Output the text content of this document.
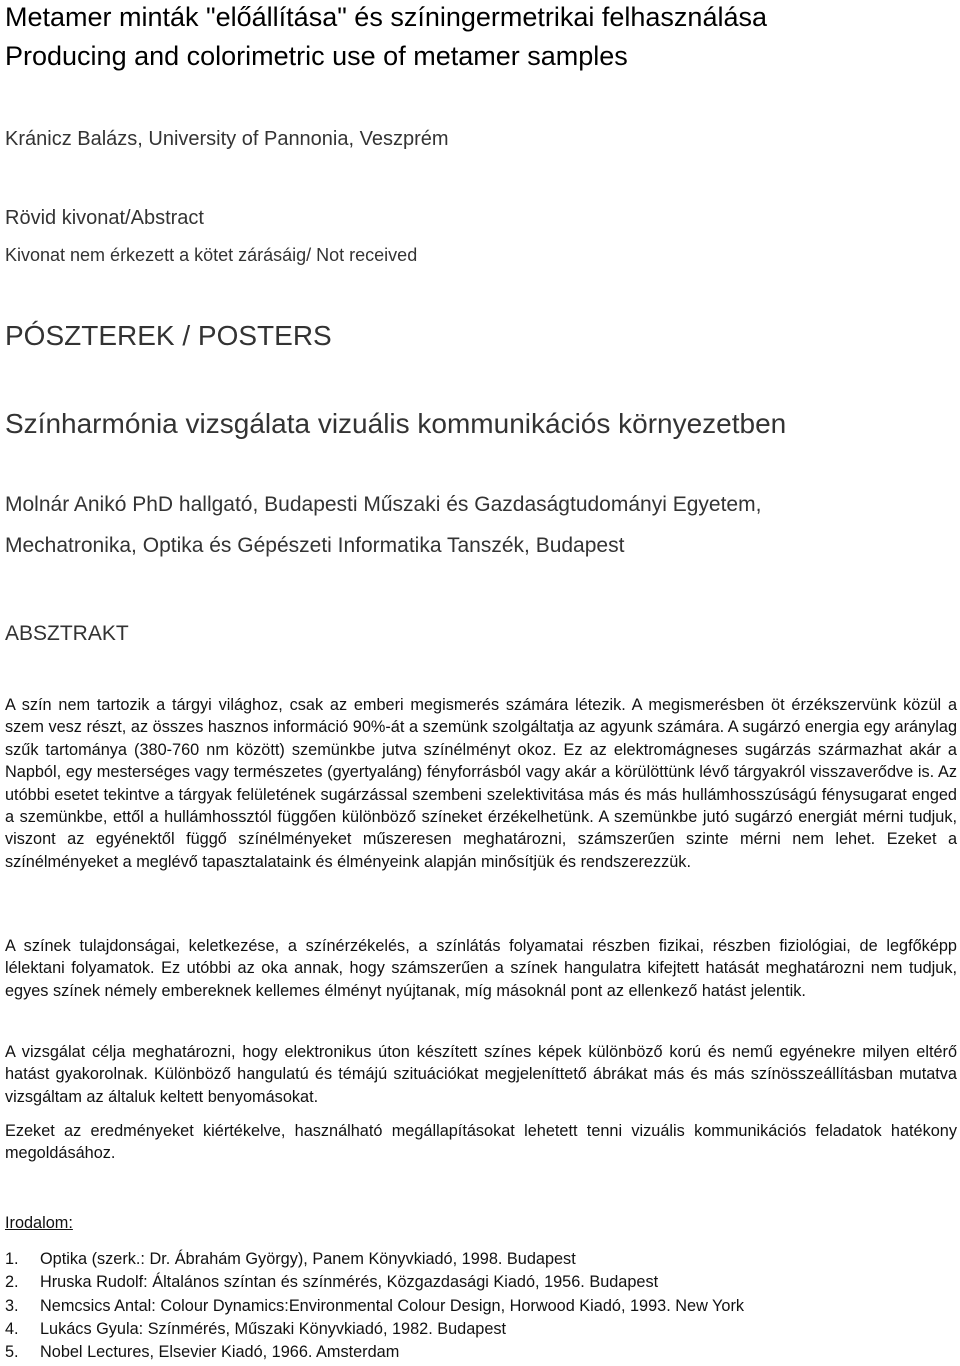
Metamer minták "előállítása" és színingermetrikai felhasználása
Producing and colorimetric use of metamer samples
Kránicz Balázs, University of Pannonia, Veszprém
Rövid kivonat/Abstract
Kivonat nem érkezett a kötet zárásáig/ Not received
PÓSZTEREK / POSTERS
Színharmónia vizsgálata vizuális kommunikációs környezetben
Molnár Anikó PhD hallgató, Budapesti Műszaki és Gazdaságtudományi Egyetem,
Mechatronika, Optika és Gépészeti Informatika Tanszék, Budapest
ABSZTRAKT

A szín nem tartozik a tárgyi világhoz, csak az emberi megismerés számára létezik. A megismerésben öt érzékszervünk közül a szem vesz részt, az összes hasznos információ 90%-át a szemünk szolgáltatja az agyunk számára. A sugárzó energia egy aránylag szűk tartománya (380-760 nm között) szemünkbe jutva színélményt okoz. Ez az elektromágneses sugárzás származhat akár a Napból, egy mesterséges vagy természetes (gyertyaláng) fényforrásból vagy akár a körülöttünk lévő tárgyakról visszaverődve is. Az utóbbi esetet tekintve a tárgyak felületének sugárzással szembeni szelektivitása más és más hullámhosszúságú fénysugarat enged a szemünkbe, ettől a hullámhossztól függően különböző színeket érzékelhetünk. A szemünkbe jutó sugárzó energiát mérni tudjuk, viszont az egyénektől függő színélményeket műszeresen meghatározni, számszerűen szinte mérni nem lehet. Ezeket a színélményeket a meglévő tapasztalataink és élményeink alapján minősítjük és rendszerezzük.

A színek tulajdonságai, keletkezése, a színérzékelés, a színlátás folyamatai részben fizikai, részben fiziológiai, de legfőképp lélektani folyamatok. Ez utóbbi az oka annak, hogy számszerűen a színek hangulatra kifejtett hatását meghatározni nem tudjuk, egyes színek némely embereknek kellemes élményt nyújtanak, míg másoknál pont az ellenkező hatást jelentik.

A vizsgálat célja meghatározni, hogy elektronikus úton készített színes képek különböző korú és nemű egyénekre milyen eltérő hatást gyakorolnak. Különböző hangulatú és témájú szituációkat megjeleníttető ábrákat más és más színösszeállításban mutatva vizsgáltam az általuk keltett benyomásokat.

Ezeket az eredményeket kiértékelve, használható megállapításokat lehetett tenni vizuális kommunikációs feladatok hatékony megoldásához.

Irodalom:
1. Optika (szerk.: Dr. Ábrahám György), Panem Könyvkiadó, 1998. Budapest
2. Hruska Rudolf: Általános színtan és színmérés, Közgazdasági Kiadó, 1956. Budapest
3. Nemcsics Antal: Colour Dynamics:Environmental Colour Design, Horwood Kiadó, 1993. New York
4. Lukács Gyula: Színmérés, Műszaki Könyvkiadó, 1982. Budapest
5. Nobel Lectures, Elsevier Kiadó, 1966. Amsterdam
